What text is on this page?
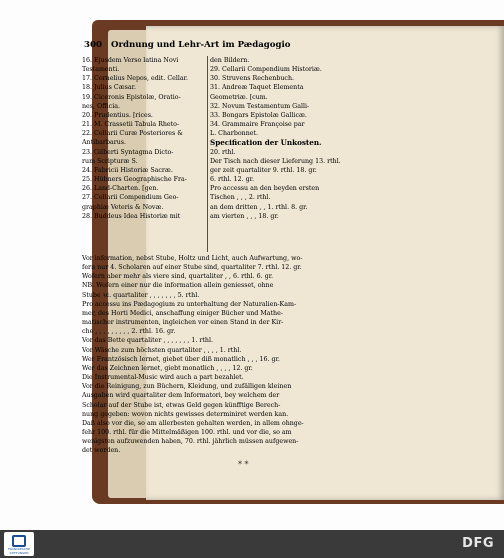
300 Ordnung und Lehr-Art im Pædagogio
16. Ejusdem Verso latina Novi
Testamenti.
17. Cornelius Nepos, edit. Cellar.
18. Julius Cæsar.
19. Ciceronis Epistolæ, Oratio-
nes, Officia.
20. Prudentius. [rices.
21. M. Crassetii Tabula Rheto-
22. Cellarii Curæ Posteriores &
Antibarbarus.
23. Gilberti Syntagma Dicto-
rum Scripturæ S.
24. Fabricii Historiæ Sacræ.
25. Hübners Geographische Fra-
26. Land-Charten. [gen.
27. Cellarii Compendium Geo-
graphiæ Veteris & Novæ.
28. Buddeus Idea Historiæ mit
den Bildern.
29. Cellarii Compendium Historiæ.
30. Struvens Rechenbuch.
31. Andreæ Taquet Elementa
Geometriæ. [cum.
32. Novum Testamentum Galli-
33. Bongars Epistolæ Gallicæ.
34. Grammaire Françoise par
L. Charbonnet.
Specification der Unkosten.
20. rthl.
Der Tisch nach dieser Lieferung 13. rthl.
ger zeit quartaliter 9. rthl. 18. gr.
6. rthl. 12. gr.
Pro accessu an den beyden ersten
Tischen , , , 2. rthl.
an dem dritten , , 1. rthl. 8. gr.
am vierten , , , 18. gr.
Vor information, nebst Stube, Holtz und Licht, auch Aufwartung, wo-
fern nur 4. Scholaren auf einer Stube sind, quartaliter 7. rthl. 12. gr.
Wofern aber mehr als viere sind, quartaliter , , 6. rthl. 6. gr.
NB. Wofern einer nur die information allein geniesset, ohne
Stube ꝛc. quartaliter , , , , , , , 5. rthl.
Pro accessu ins Pædagogium zu unterhaltung der Naturalien-Kam-
mer, des Horti Medici, anschaffung einiger Bücher und Mathe-
matischer instrumenten, ingleichen vor einen Stand in der Kir-
che , , , , , , , , , 2. rthl. 16. gr.
Vor das Bette quartaliter , , , , , , , 1. rthl.
Vor Wäsche zum höchsten quartaliter , , , , 1. rthl.
Wer Frantzösisch lernet, giebet über diß monatlich , , , 16. gr.
Wer das Zeichnen lernet, giebt monatlich , , , , 12. gr.
Die Instrumental-Music wird auch a part bezahlet.
Vor die Reinigung, zun Büchern, Kleidung, und zufälligen kleinen
Ausgaben wird quartaliter dem Informatori, bey welchem der
Scholar auf der Stube ist, etwas Geld gegen künfftige Berech-
nung gegeben: wovon nichts gewisses determiniret werden kan.
Daß also vor die, so am allerbesten gehalten werden, in allem ohnge-
fehr 100. rthl. für die Mittelmäßigen 100. rthl. und vor die, so am
wenigsten aufzuwenden haben, 70. rthl. jährlich müssen aufgewen-
det werden.
* *
FRANCKESCHE STIFTUNGEN
DFG
